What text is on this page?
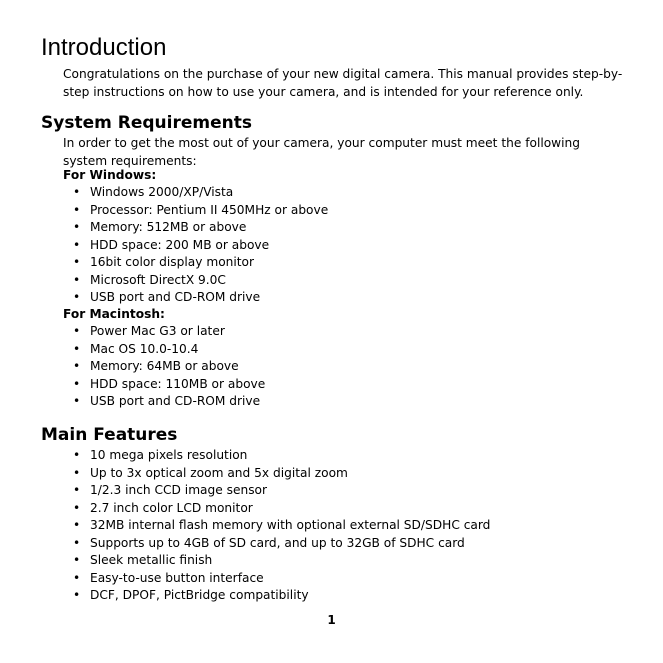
Introduction

Congratulations on the purchase of your new digital camera. This manual provides step-by-step instructions on how to use your camera, and is intended for your reference only.

System Requirements

In order to get the most out of your camera, your computer must meet the following system requirements:

For Windows:

• Windows 2000/XP/Vista
• Processor: Pentium II 450MHz or above
• Memory: 512MB or above
• HDD space: 200 MB or above
• 16bit color display monitor
• Microsoft DirectX 9.0C
• USB port and CD-ROM drive

For Macintosh:

• Power Mac G3 or later
• Mac OS 10.0-10.4
• Memory: 64MB or above
• HDD space: 110MB or above
• USB port and CD-ROM drive
Main Features
• 10 mega pixels resolution
• Up to 3x optical zoom and 5x digital zoom
• 1/2.3 inch CCD image sensor
• 2.7 inch color LCD monitor
• 32MB internal flash memory with optional external SD/SDHC card
• Supports up to 4GB of SD card, and up to 32GB of SDHC card
• Sleek metallic finish
• Easy-to-use button interface
• DCF, DPOF, PictBridge compatibility
1
